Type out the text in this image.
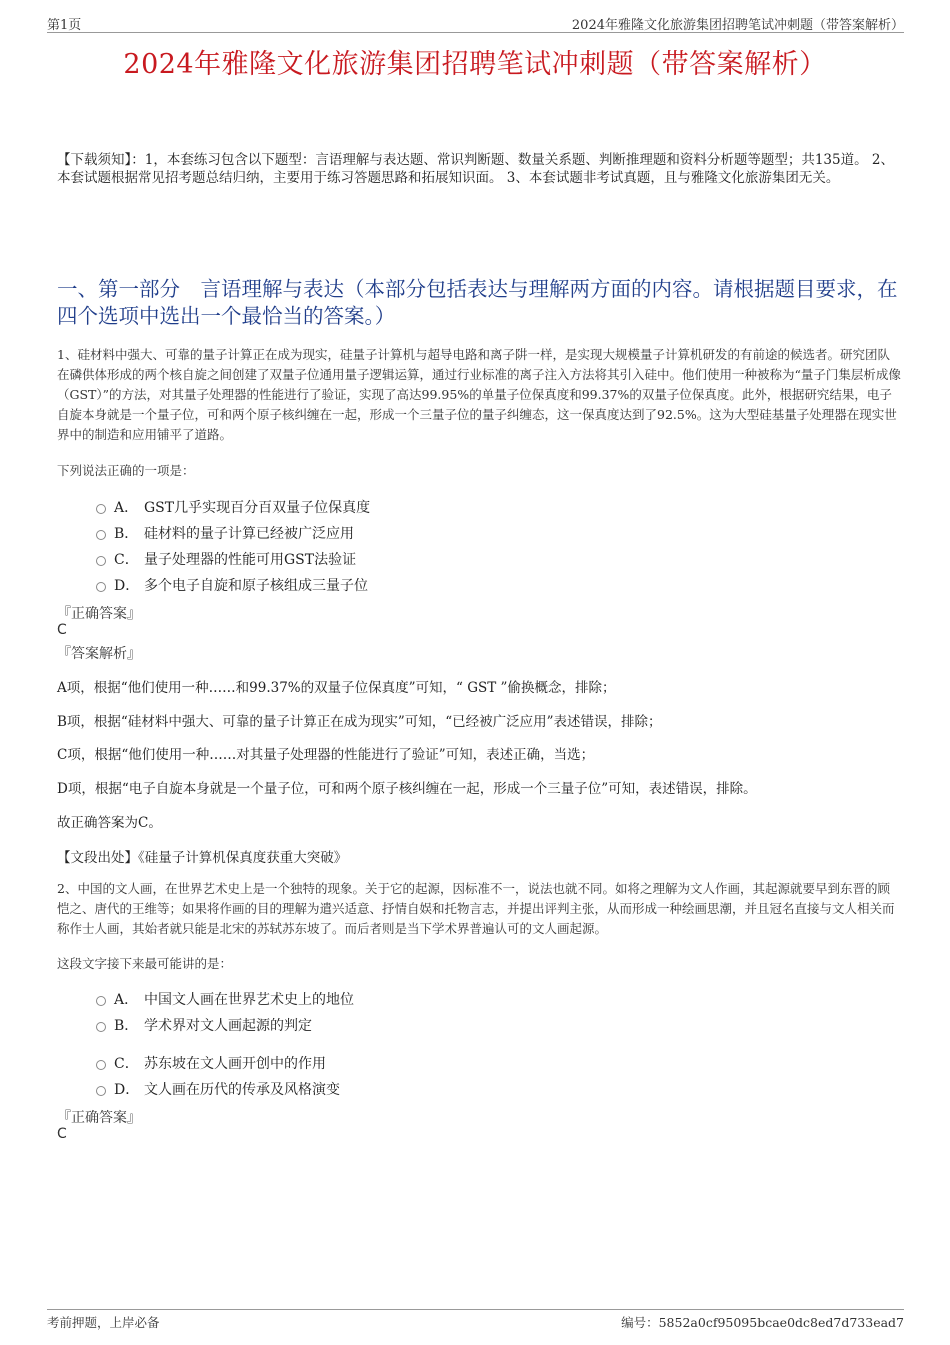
第1页	2024年雅隆文化旅游集团招聘笔试冲刺题（带答案解析）
2024年雅隆文化旅游集团招聘笔试冲刺题（带答案解析）
【下载须知】：1，本套练习包含以下题型：言语理解与表达题、常识判断题、数量关系题、判断推理题和资料分析题等题型；共135道。 2、本套试题根据常见招考题总结归纳，主要用于练习答题思路和拓展知识面。 3、本套试题非考试真题，且与雅隆文化旅游集团无关。
一、第一部分　言语理解与表达（本部分包括表达与理解两方面的内容。请根据题目要求，在四个选项中选出一个最恰当的答案。）
1、硅材料中强大、可靠的量子计算正在成为现实，硅量子计算机与超导电路和离子阱一样，是实现大规模量子计算机研发的有前途的候选者。研究团队在磷供体形成的两个核自旋之间创建了双量子位通用量子逻辑运算，通过行业标准的离子注入方法将其引入硅中。他们使用一种被称为“量子门集层析成像（GST）”的方法，对其量子处理器的性能进行了验证，实现了高达99.95%的单量子位保真度和99.37%的双量子位保真度。此外，根据研究结果，电子自旋本身就是一个量子位，可和两个原子核纠缠在一起，形成一个三量子位的量子纠缠态，这一保真度达到了92.5%。这为大型硅基量子处理器在现实世界中的制造和应用铺平了道路。
下列说法正确的一项是：
A． GST几乎实现百分百双量子位保真度
B． 硅材料的量子计算已经被广泛应用
C． 量子处理器的性能可用GST法验证
D． 多个电子自旋和原子核组成三量子位
『正确答案』
C
『答案解析』
A项，根据“他们使用一种……和99.37%的双量子位保真度”可知，“ GST ”偷换概念，排除；
B项，根据“硅材料中强大、可靠的量子计算正在成为现实”可知，“已经被广泛应用”表述错误，排除；
C项，根据“他们使用一种……对其量子处理器的性能进行了验证”可知，表述正确，当选；
D项，根据“电子自旋本身就是一个量子位，可和两个原子核纠缠在一起，形成一个三量子位”可知，表述错误，排除。
故正确答案为C。
【文段出处】《硅量子计算机保真度获重大突破》
2、中国的文人画，在世界艺术史上是一个独特的现象。关于它的起源，因标准不一，说法也就不同。如将之理解为文人作画，其起源就要早到东晋的顾恺之、唐代的王维等；如果将作画的目的理解为遣兴适意、抒情自娱和托物言志，并提出评判主张，从而形成一种绘画思潮，并且冠名直接与文人相关而称作士人画，其始者就只能是北宋的苏轼苏东坡了。而后者则是当下学术界普遍认可的文人画起源。
这段文字接下来最可能讲的是：
A． 中国文人画在世界艺术史上的地位
B． 学术界对文人画起源的判定
C． 苏东坡在文人画开创中的作用
D． 文人画在历代的传承及风格演变
『正确答案』
C
考前押题，上岸必备	编号：5852a0cf95095bcae0dc8ed7d733ead7
